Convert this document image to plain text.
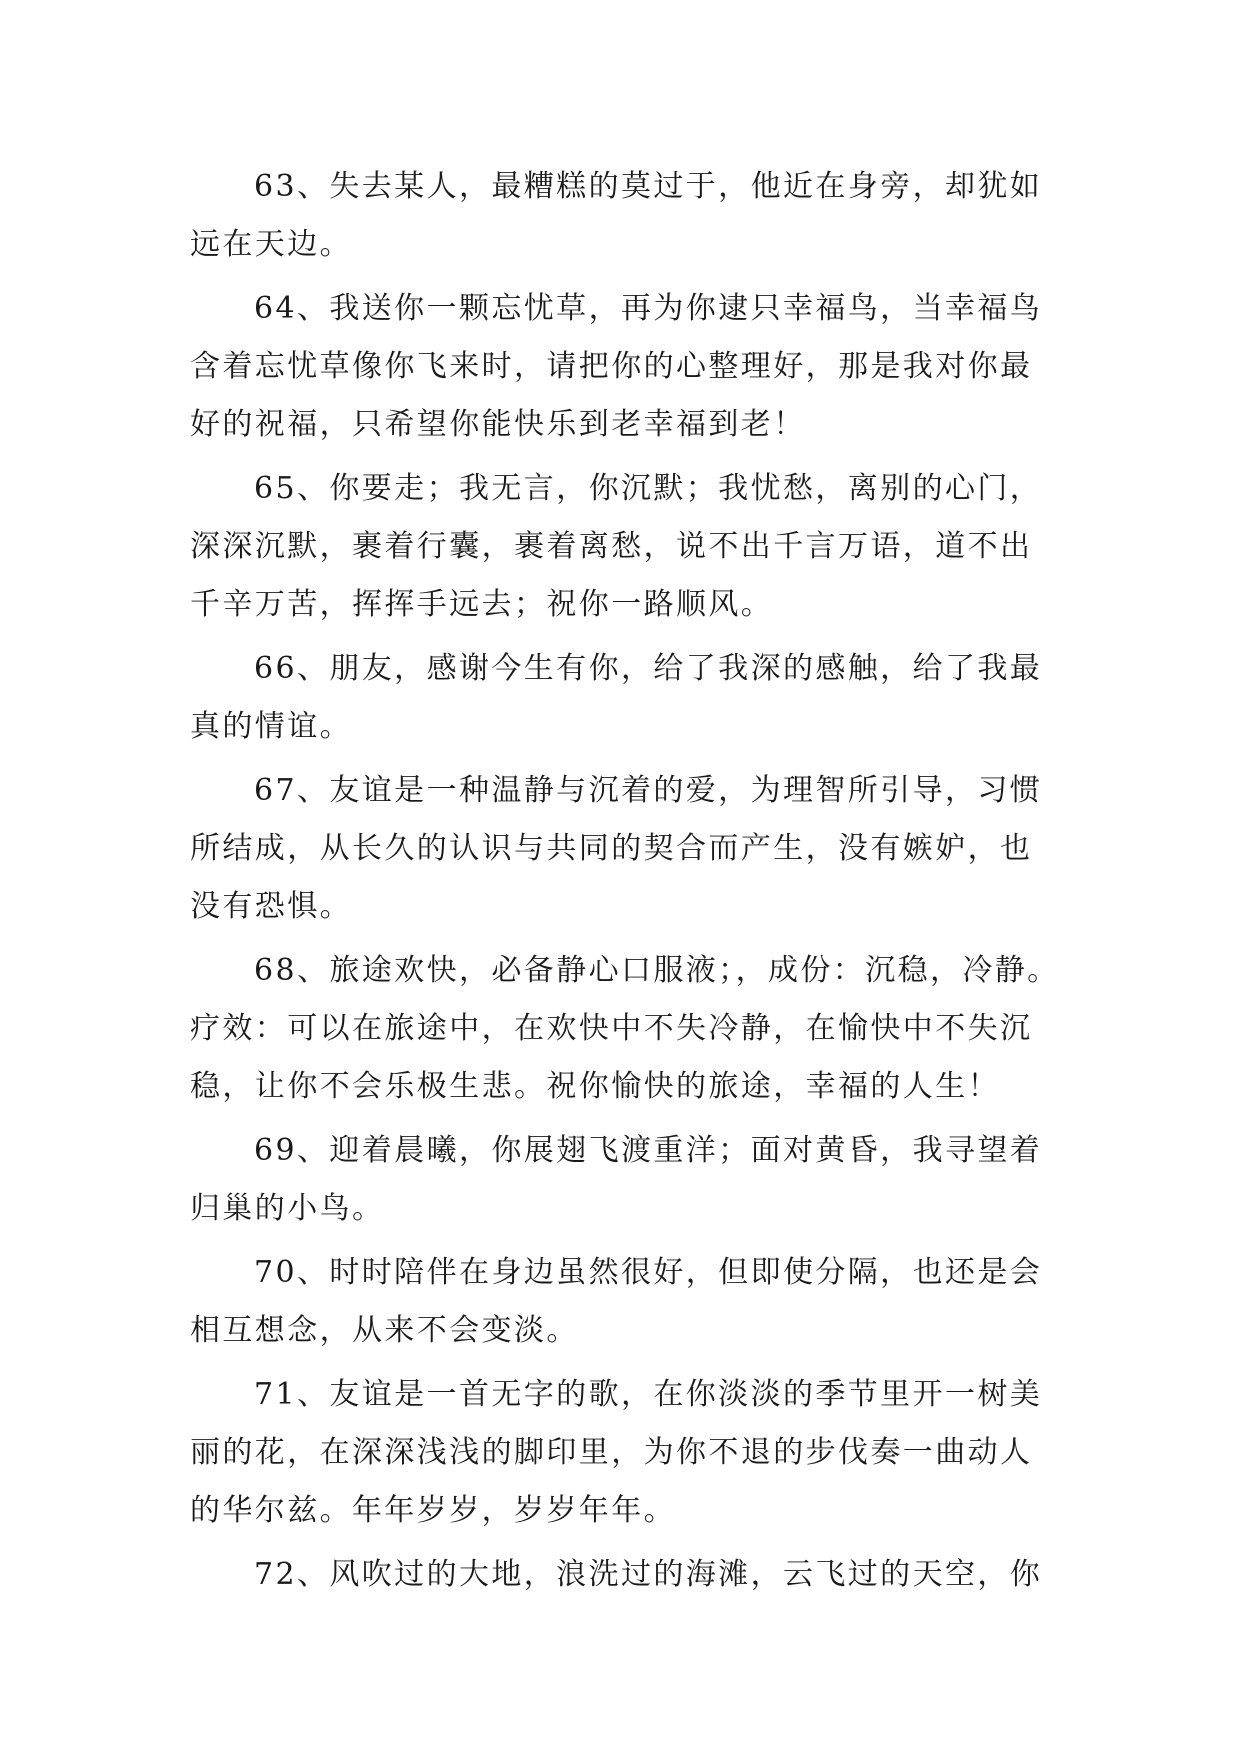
63、失去某人，最糟糕的莫过于，他近在身旁，却犹如
远在天边。
64、我送你一颗忘忧草，再为你逮只幸福鸟，当幸福鸟
含着忘忧草像你飞来时，请把你的心整理好，那是我对你最
好的祝福，只希望你能快乐到老幸福到老！
65、你要走；我无言，你沉默；我忧愁，离别的心门，
深深沉默，裹着行囊，裹着离愁，说不出千言万语，道不出
千辛万苦，挥挥手远去；祝你一路顺风。
66、朋友，感谢今生有你，给了我深的感触，给了我最
真的情谊。
67、友谊是一种温静与沉着的爱，为理智所引导，习惯
所结成，从长久的认识与共同的契合而产生，没有嫉妒，也
没有恐惧。
68、旅途欢快，必备静心口服液；，成份：沉稳，冷静。
疗效：可以在旅途中，在欢快中不失冷静，在愉快中不失沉
稳，让你不会乐极生悲。祝你愉快的旅途，幸福的人生！
69、迎着晨曦，你展翅飞渡重洋；面对黄昏，我寻望着
归巢的小鸟。
70、时时陪伴在身边虽然很好，但即使分隔，也还是会
相互想念，从来不会变淡。
71、友谊是一首无字的歌，在你淡淡的季节里开一树美
丽的花，在深深浅浅的脚印里，为你不退的步伐奏一曲动人
的华尔兹。年年岁岁，岁岁年年。
72、风吹过的大地，浪洗过的海滩，云飞过的天空，你
